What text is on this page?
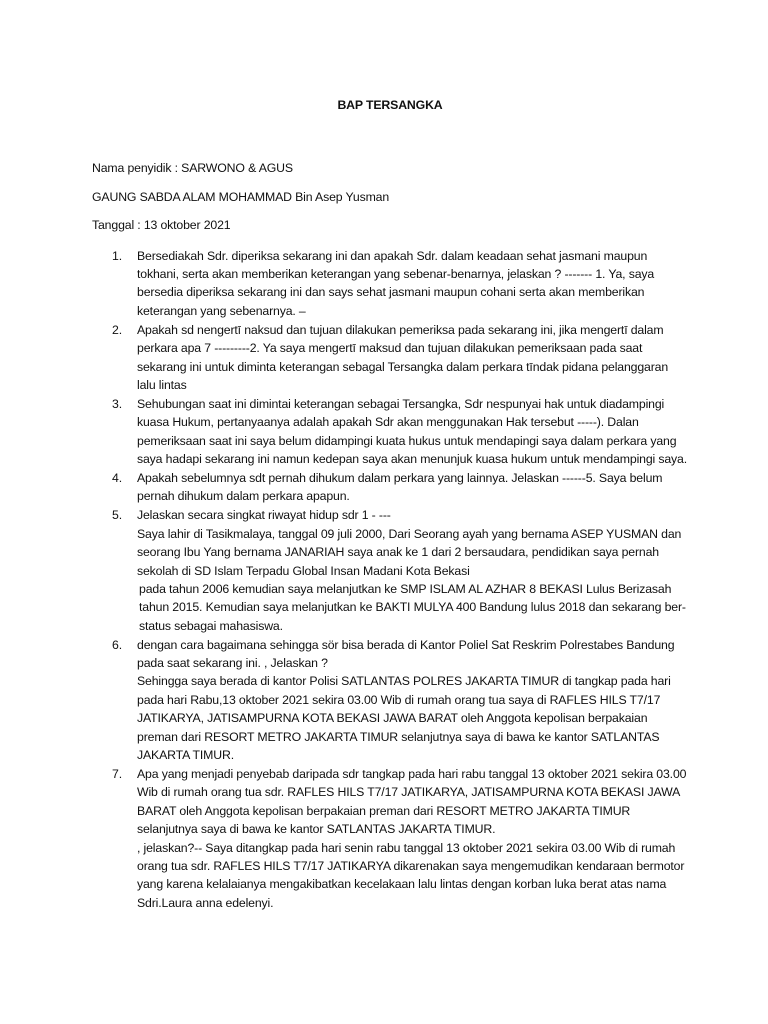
BAP TERSANGKA
Nama penyidik : SARWONO & AGUS
GAUNG SABDA ALAM MOHAMMAD Bin Asep Yusman
Tanggal : 13 oktober 2021
1. Bersediakah Sdr. diperiksa sekarang ini dan apakah Sdr. dalam keadaan sehat jasmani maupun tokhani, serta akan memberikan keterangan yang sebenar-benarnya, jelaskan ? ------- 1. Ya, saya bersedia diperiksa sekarang ini dan says sehat jasmani maupun cohani serta akan memberikan keterangan yang sebenarnya. –
2. Apakah sd nengertī naksud dan tujuan dilakukan pemeriksa pada sekarang ini, jika mengertī dalam perkara apa 7 ---------2. Ya saya mengertī maksud dan tujuan dilakukan pemeriksaan pada saat sekarang ini untuk diminta keterangan sebagal Tersangka dalam perkara tīndak pidana pelanggaran lalu lintas
3. Sehubungan saat ini dimintai keterangan sebagai Tersangka, Sdr nespunyai hak untuk diadampingi kuasa Hukum, pertanyaanya adalah apakah Sdr akan menggunakan Hak tersebut -----). Dalan pemeriksaan saat ini saya belum didampingi kuata hukus untuk mendapingi saya dalam perkara yang saya hadapi sekarang ini namun kedepan saya akan menunjuk kuasa hukum untuk mendampingi saya.
4. Apakah sebelumnya sdt pernah dihukum dalam perkara yang lainnya. Jelaskan ------5. Saya belum pernah dihukum dalam perkara apapun.
5. Jelaskan secara singkat riwayat hidup sdr 1 - ---
Saya lahir di Tasikmalaya, tanggal 09 juli 2000, Dari Seorang ayah yang bernama ASEP YUSMAN dan seorang Ibu Yang bernama JANARIAH saya anak ke 1 dari 2 bersaudara, pendidikan saya pernah sekolah di SD Islam Terpadu Global Insan Madani Kota Bekasi
pada tahun 2006 kemudian saya melanjutkan ke SMP ISLAM AL AZHAR 8 BEKASI Lulus Berizasah tahun 2015. Kemudian saya melanjutkan ke BAKTI MULYA 400 Bandung lulus 2018 dan sekarang ber-status sebagai mahasiswa.
6. dengan cara bagaimana sehingga sör bisa berada di Kantor Poliel Sat Reskrim Polrestabes Bandung pada saat sekarang ini. , Jelaskan ?
Sehingga saya berada di kantor Polisi SATLANTAS POLRES JAKARTA TIMUR di tangkap pada hari pada hari Rabu,13 oktober 2021 sekira 03.00 Wib di rumah orang tua saya di RAFLES HILS T7/17 JATIKARYA, JATISAMPURNA KOTA BEKASI JAWA BARAT oleh Anggota kepolisan berpakaian preman dari RESORT METRO JAKARTA TIMUR selanjutnya saya di bawa ke kantor SATLANTAS JAKARTA TIMUR.
7. Apa yang menjadi penyebab daripada sdr tangkap pada hari rabu tanggal 13 oktober 2021 sekira 03.00 Wib di rumah orang tua sdr. RAFLES HILS T7/17 JATIKARYA, JATISAMPURNA KOTA BEKASI JAWA BARAT oleh Anggota kepolisan berpakaian preman dari RESORT METRO JAKARTA TIMUR selanjutnya saya di bawa ke kantor SATLANTAS JAKARTA TIMUR.
, jelaskan?-- Saya ditangkap pada hari senin rabu tanggal 13 oktober 2021 sekira 03.00 Wib di rumah orang tua sdr. RAFLES HILS T7/17 JATIKARYA dikarenakan saya mengemudikan kendaraan bermotor yang karena kelalaianya mengakibatkan kecelakaan lalu lintas dengan korban luka berat atas nama Sdri.Laura anna edelenyi.
